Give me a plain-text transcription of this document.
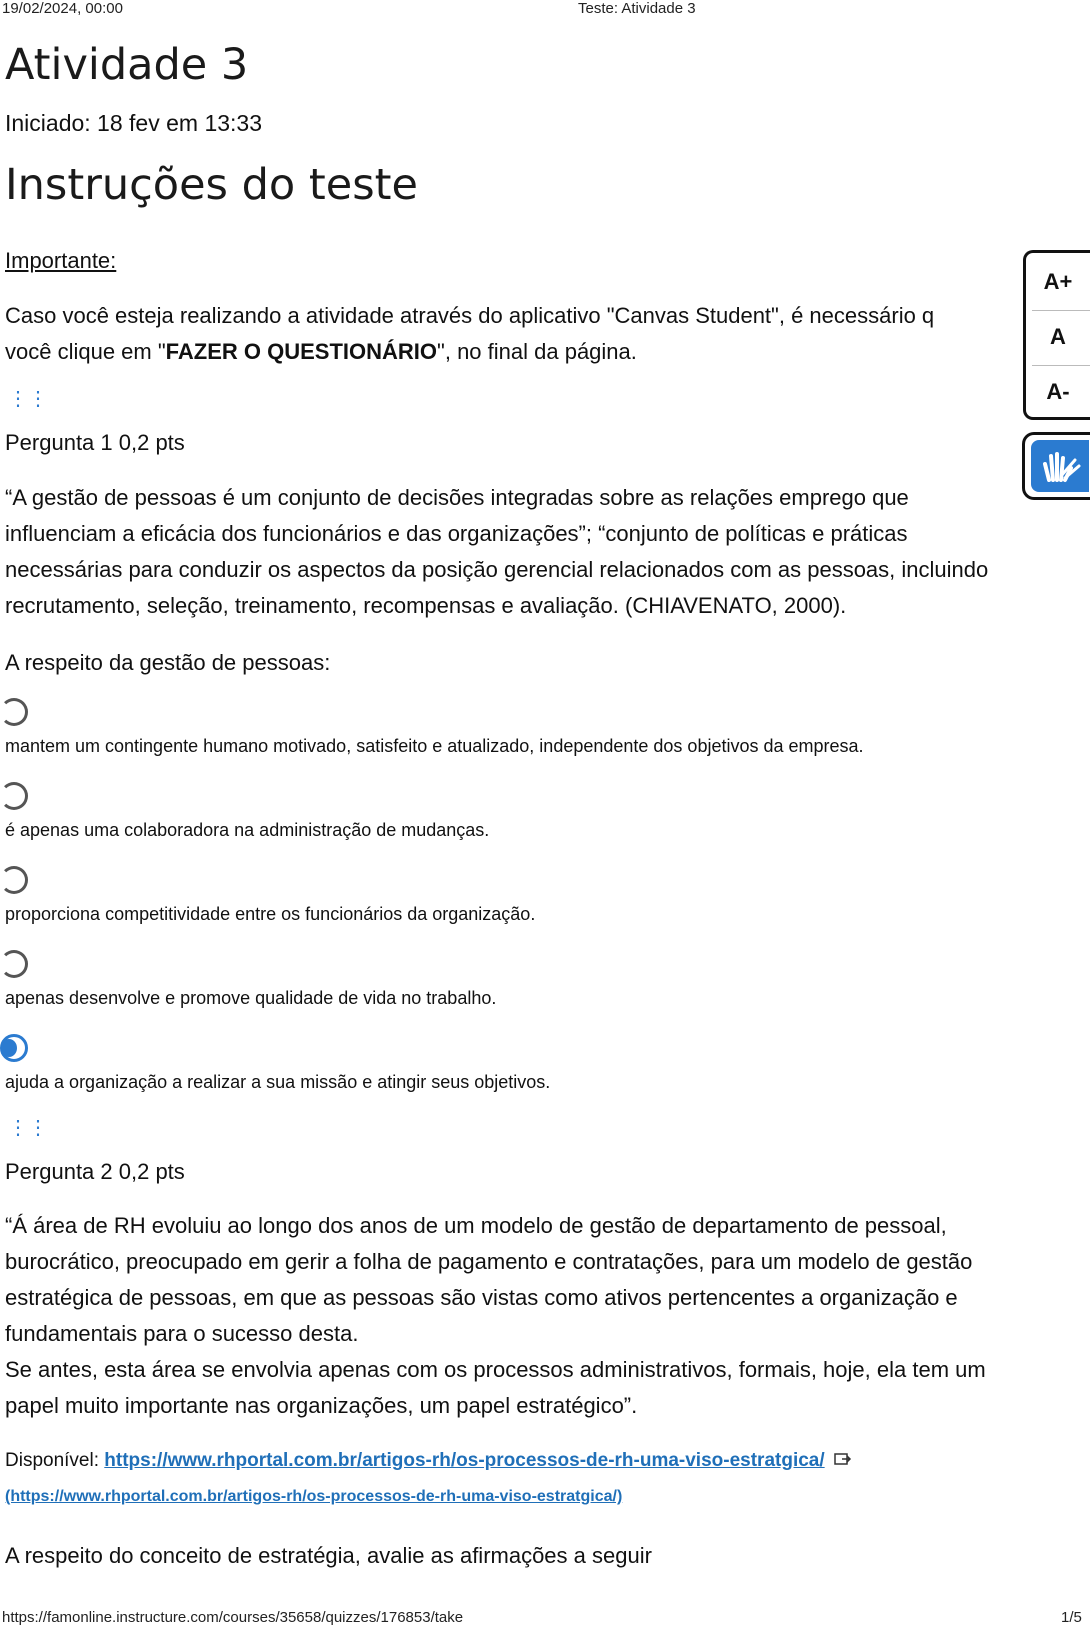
19/02/2024, 00:00	Teste: Atividade 3
Atividade 3
Iniciado: 18 fev em 13:33
Instruções do teste
Importante:
Caso você esteja realizando a atividade através do aplicativo "Canvas Student", é necessário q
você clique em "FAZER O QUESTIONÁRIO", no final da página.
A+
A
A-
⋮⋮
Pergunta 1 0,2 pts
“A gestão de pessoas é um conjunto de decisões integradas sobre as relações emprego que
influenciam a eficácia dos funcionários e das organizações”; “conjunto de políticas e práticas
necessárias para conduzir os aspectos da posição gerencial relacionados com as pessoas, incluindo
recrutamento, seleção, treinamento, recompensas e avaliação. (CHIAVENATO, 2000).
A respeito da gestão de pessoas:
mantem um contingente humano motivado, satisfeito e atualizado, independente dos objetivos da empresa.
é apenas uma colaboradora na administração de mudanças.
proporciona competitividade entre os funcionários da organização.
apenas desenvolve e promove qualidade de vida no trabalho.
ajuda a organização a realizar a sua missão e atingir seus objetivos.
⋮⋮
Pergunta 2 0,2 pts
“Á área de RH evoluiu ao longo dos anos de um modelo de gestão de departamento de pessoal,
burocrático, preocupado em gerir a folha de pagamento e contratações, para um modelo de gestão
estratégica de pessoas, em que as pessoas são vistas como ativos pertencentes a organização e
fundamentais para o sucesso desta.
Se antes, esta área se envolvia apenas com os processos administrativos, formais, hoje, ela tem um
papel muito importante nas organizações, um papel estratégico”.
Disponível: https://www.rhportal.com.br/artigos-rh/os-processos-de-rh-uma-viso-estratgica/
(https://www.rhportal.com.br/artigos-rh/os-processos-de-rh-uma-viso-estratgica/)
A respeito do conceito de estratégia, avalie as afirmações a seguir
https://famonline.instructure.com/courses/35658/quizzes/176853/take	1/5
